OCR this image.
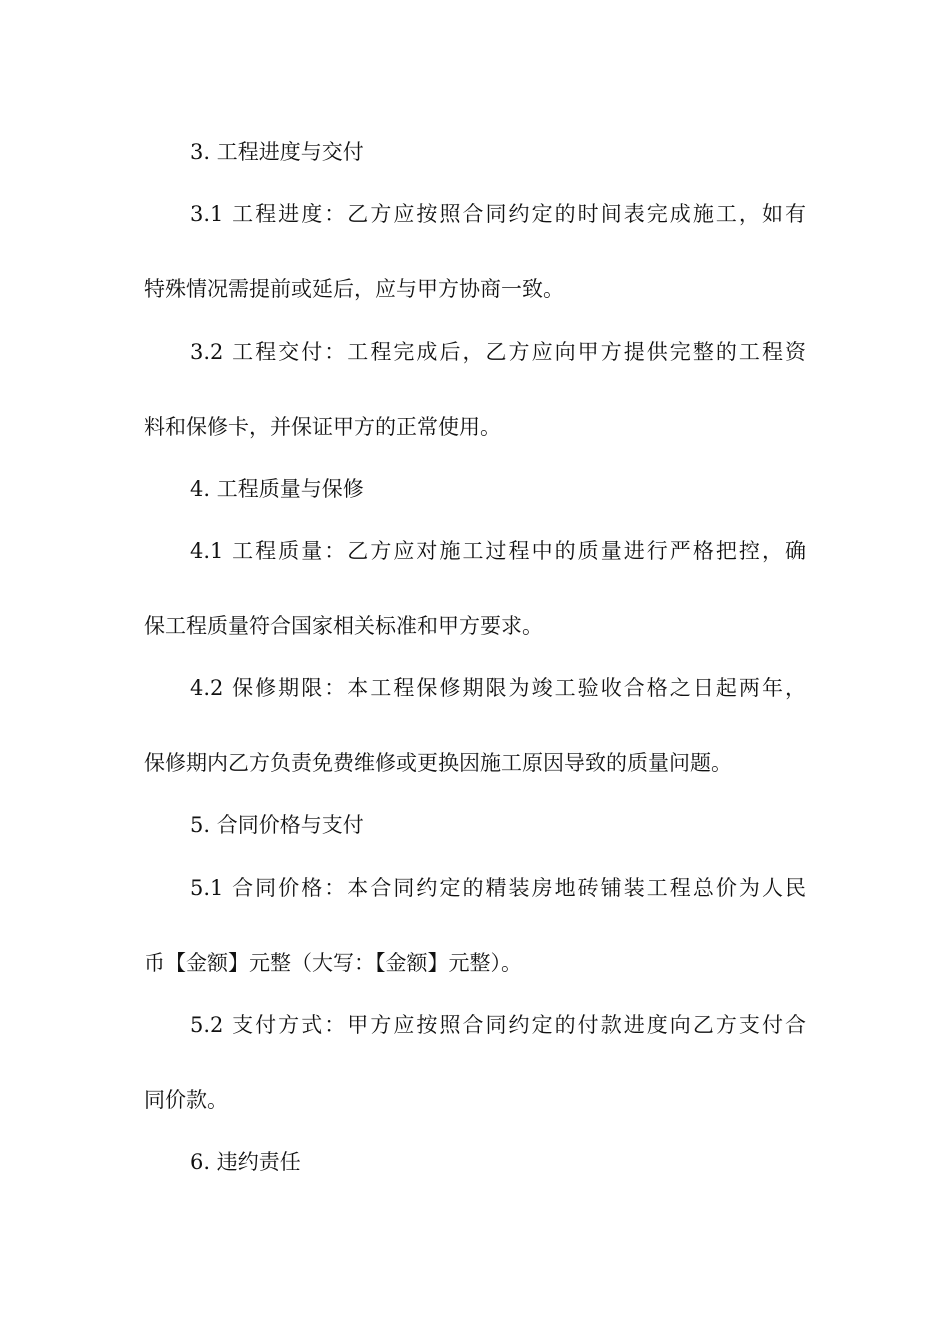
3. 工程进度与交付

3.1 工程进度：乙方应按照合同约定的时间表完成施工，如有

特殊情况需提前或延后，应与甲方协商一致。

3.2 工程交付：工程完成后，乙方应向甲方提供完整的工程资

料和保修卡，并保证甲方的正常使用。

4. 工程质量与保修

4.1 工程质量：乙方应对施工过程中的质量进行严格把控，确

保工程质量符合国家相关标准和甲方要求。

4.2 保修期限：本工程保修期限为竣工验收合格之日起两年，

保修期内乙方负责免费维修或更换因施工原因导致的质量问题。

5. 合同价格与支付

5.1 合同价格：本合同约定的精装房地砖铺装工程总价为人民

币【金额】元整（大写：【金额】元整）。

5.2 支付方式：甲方应按照合同约定的付款进度向乙方支付合

同价款。

6. 违约责任
